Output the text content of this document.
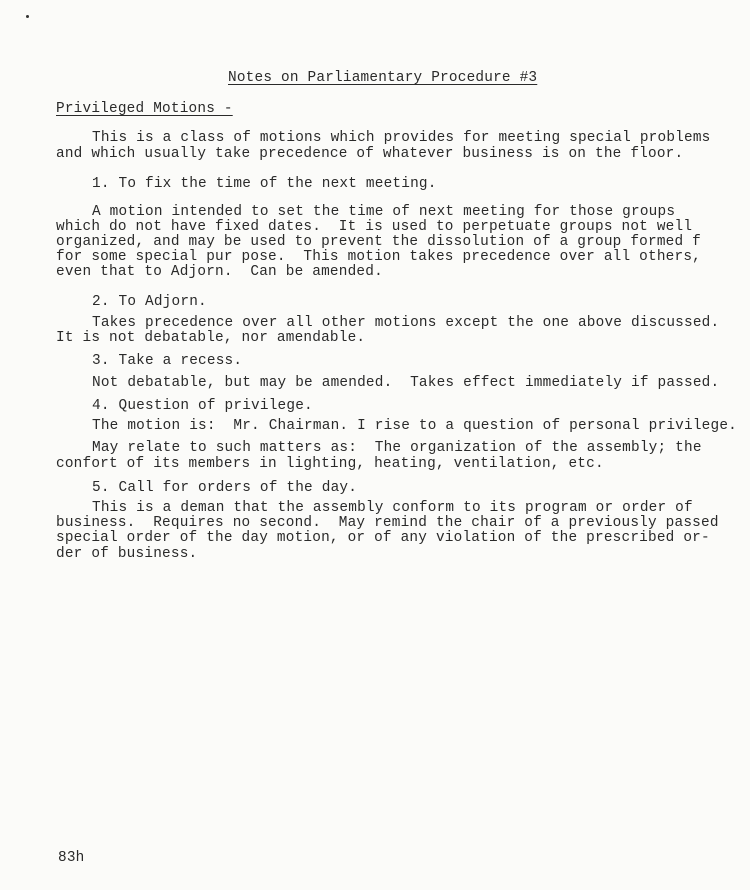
Notes on Parliamentary Procedure #3
Privileged Motions -
This is a class of motions which provides for meeting special problems
and which usually take precedence of whatever business is on the floor.
1. To fix the time of the next meeting.
A motion intended to set the time of next meeting for those groups
which do not have fixed dates.  It is used to perpetuate groups not well
organized, and may be used to prevent the dissolution of a group formed f
for some special pur pose.  This motion takes precedence over all others,
even that to Adjorn.  Can be amended.
2. To Adjorn.
Takes precedence over all other motions except the one above discussed.
It is not debatable, nor amendable.
3. Take a recess.
Not debatable, but may be amended.  Takes effect immediately if passed.
4. Question of privilege.
The motion is:  Mr. Chairman. I rise to a question of personal privilege.
May relate to such matters as:  The organization of the assembly; the
confort of its members in lighting, heating, ventilation, etc.
5. Call for orders of the day.
This is a deman that the assembly conform to its program or order of
business.  Requires no second.  May remind the chair of a previously passed
special order of the day motion, or of any violation of the prescribed or-
der of business.
83h
